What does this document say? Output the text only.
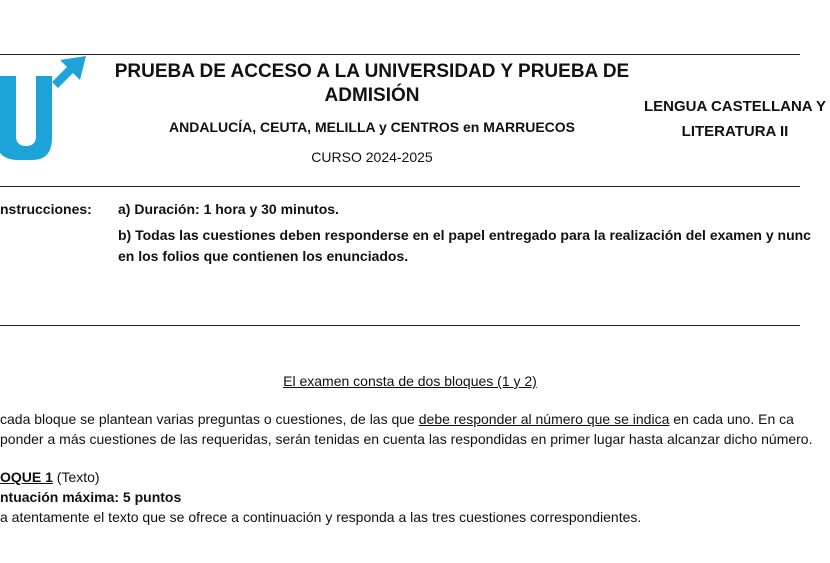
PRUEBA DE ACCESO A LA UNIVERSIDAD Y PRUEBA DE ADMISIÓN
ANDALUCÍA, CEUTA, MELILLA y CENTROS en MARRUECOS
CURSO 2024-2025
LENGUA CASTELLANA Y LITERATURA II
nstrucciones: a) Duración: 1 hora y 30 minutos.
b) Todas las cuestiones deben responderse en el papel entregado para la realización del examen y nunc
en los folios que contienen los enunciados.
El examen consta de dos bloques (1 y 2)
cada bloque se plantean varias preguntas o cuestiones, de las que debe responder al número que se indica en cada uno. En ca
ponder a más cuestiones de las requeridas, serán tenidas en cuenta las respondidas en primer lugar hasta alcanzar dicho número.
OQUE 1 (Texto)
ntuación máxima: 5 puntos
a atentamente el texto que se ofrece a continuación y responda a las tres cuestiones correspondientes.
